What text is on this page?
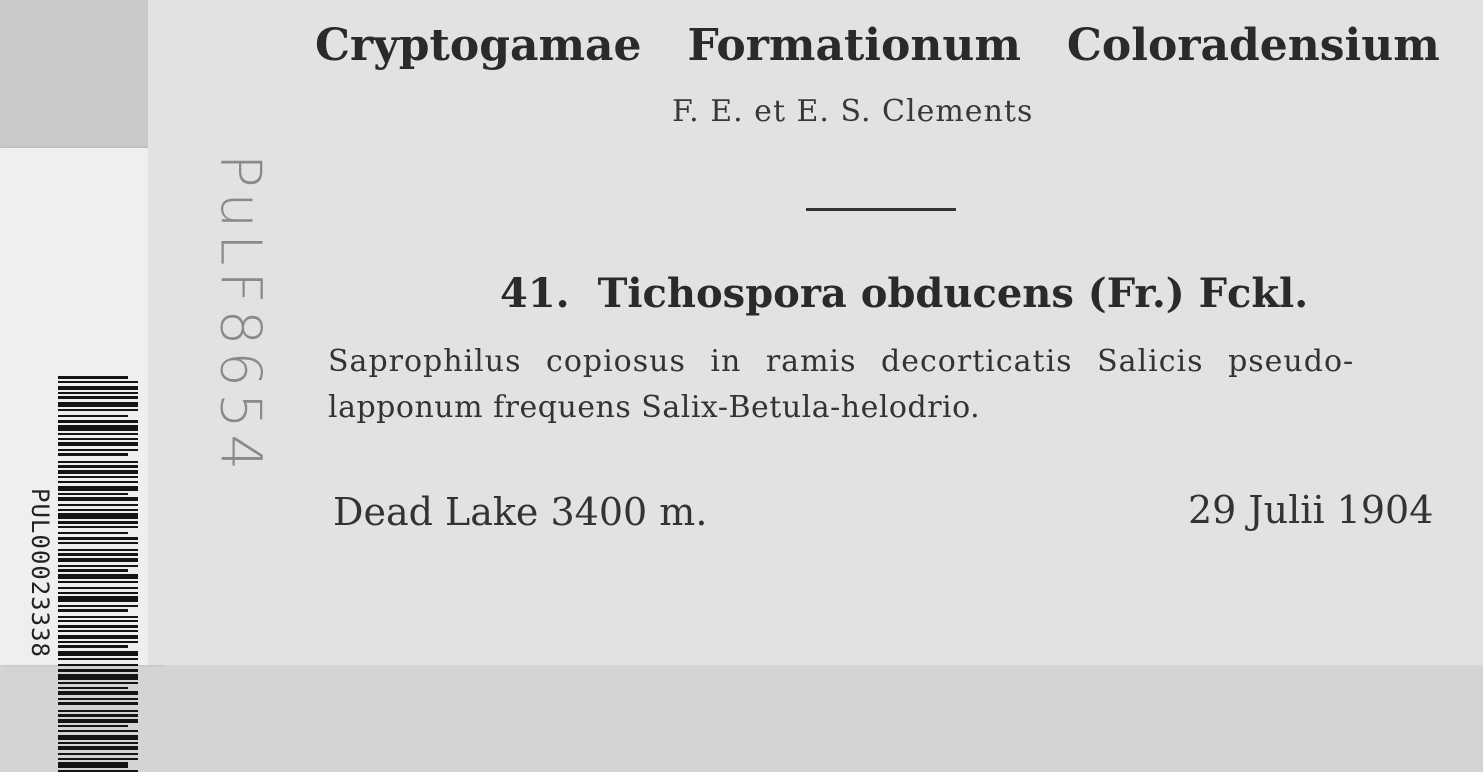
PUL00023338
PuLF8654
Cryptogamae Formationum Coloradensium
F. E. et E. S. Clements
41. Tichospora obducens (Fr.) Fckl.
Saprophilus copiosus in ramis decorticatis Salicis pseudo-
lapponum frequens Salix-Betula-helodrio.
Dead Lake 3400 m.	29 Julii 1904
